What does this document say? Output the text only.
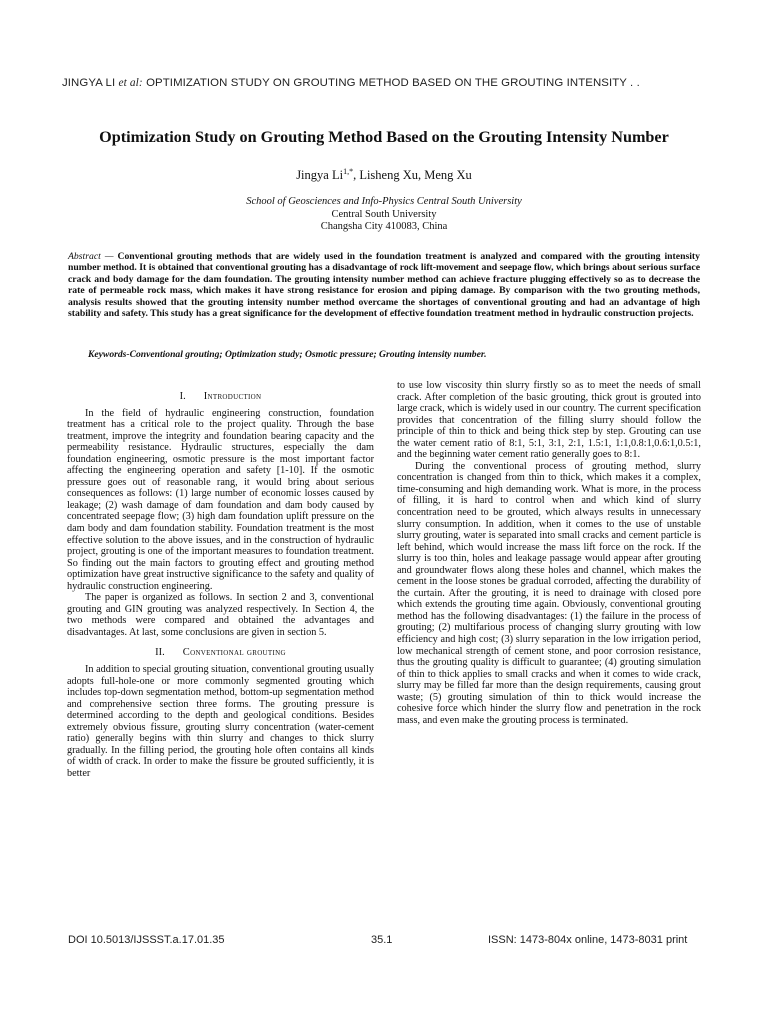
JINGYA LI et al: OPTIMIZATION STUDY ON GROUTING METHOD BASED ON THE GROUTING INTENSITY . .
Optimization Study on Grouting Method Based on the Grouting Intensity Number
Jingya $Li^{1,*}$, Lisheng Xu, Meng Xu
School of Geosciences and Info-Physics Central South University
Central South University
Changsha City 410083, China
Abstract — Conventional grouting methods that are widely used in the foundation treatment is analyzed and compared with the grouting intensity number method. It is obtained that conventional grouting has a disadvantage of rock lift-movement and seepage flow, which brings about serious surface crack and body damage for the dam foundation. The grouting intensity number method can achieve fracture plugging effectively so as to decrease the rate of permeable rock mass, which makes it have strong resistance for erosion and piping damage. By comparison with the two grouting methods, analysis results showed that the grouting intensity number method overcame the shortages of conventional grouting and had an advantage of high stability and safety. This study has a great significance for the development of effective foundation treatment method in hydraulic construction projects.
Keywords-Conventional grouting; Optimization study; Osmotic pressure; Grouting intensity number.
I. Introduction

In the field of hydraulic engineering construction, foundation treatment has a critical role to the project quality. Through the base treatment, improve the integrity and foundation bearing capacity and the permeability resistance. Hydraulic structures, especially the dam foundation engineering, osmotic pressure is the most important factor affecting the engineering operation and safety [1-10]. If the osmotic pressure goes out of reasonable rang, it would bring about serious consequences as follows: (1) large number of economic losses caused by leakage; (2) wash damage of dam foundation and dam body caused by concentrated seepage flow; (3) high dam foundation uplift pressure on the dam body and dam foundation stability. Foundation treatment is the most effective solution to the above issues, and in the construction of hydraulic project, grouting is one of the important measures to foundation treatment. So finding out the main factors to grouting effect and grouting method optimization have great instructive significance to the safety and quality of hydraulic construction engineering.

The paper is organized as follows. In section 2 and 3, conventional grouting and GIN grouting was analyzed respectively. In Section 4, the two methods were compared and obtained the advantages and disadvantages. At last, some conclusions are given in section 5.

II. Conventional grouting

In addition to special grouting situation, conventional grouting usually adopts full-hole-one or more commonly segmented grouting which includes top-down segmentation method, bottom-up segmentation method and comprehensive section three forms. The grouting pressure is determined according to the depth and geological conditions. Besides extremely obvious fissure, grouting slurry concentration (water-cement ratio) generally begins with thin slurry and changes to thick slurry gradually. In the filling period, the grouting hole often contains all kinds of width of crack. In order to make the fissure be grouted sufficiently, it is better

to use low viscosity thin slurry firstly so as to meet the needs of small crack. After completion of the basic grouting, thick grout is grouted into large crack, which is widely used in our country. The current specification provides that concentration of the filling slurry should follow the principle of thin to thick and being thick step by step. Grouting can use the water cement ratio of 8:1, 5:1, 3:1, 2:1, 1.5:1, 1:1,0.8:1,0.6:1,0.5:1, and the beginning water cement ratio generally goes to 8:1.

During the conventional process of grouting method, slurry concentration is changed from thin to thick, which makes it a complex, time-consuming and high demanding work. What is more, in the process of filling, it is hard to control when and which kind of slurry concentration need to be grouted, which always results in unnecessary slurry consumption. In addition, when it comes to the use of unstable slurry grouting, water is separated into small cracks and cement particle is left behind, which would increase the mass lift force on the rock. If the slurry is too thin, holes and leakage passage would appear after grouting and groundwater flows along these holes and channel, which makes the cement in the loose stones be gradual corroded, affecting the durability of the curtain. After the grouting, it is need to drainage with closed pore which extends the grouting time again. Obviously, conventional grouting method has the following disadvantages: (1) the failure in the process of grouting; (2) multifarious process of changing slurry grouting with low efficiency and high cost; (3) slurry separation in the low irrigation period, low mechanical strength of cement stone, and poor corrosion resistance, thus the grouting quality is difficult to guarantee; (4) grouting simulation of thin to thick applies to small cracks and when it comes to wide crack, slurry may be filled far more than the design requirements, causing grout waste; (5) grouting simulation of thin to thick would increase the cohesive force which hinder the slurry flow and penetration in the rock mass, and even make the grouting process is terminated.

DOI 10.5013/IJSSST.a.17.01.35	35.1	ISSN: 1473-804x online, 1473-8031 print
